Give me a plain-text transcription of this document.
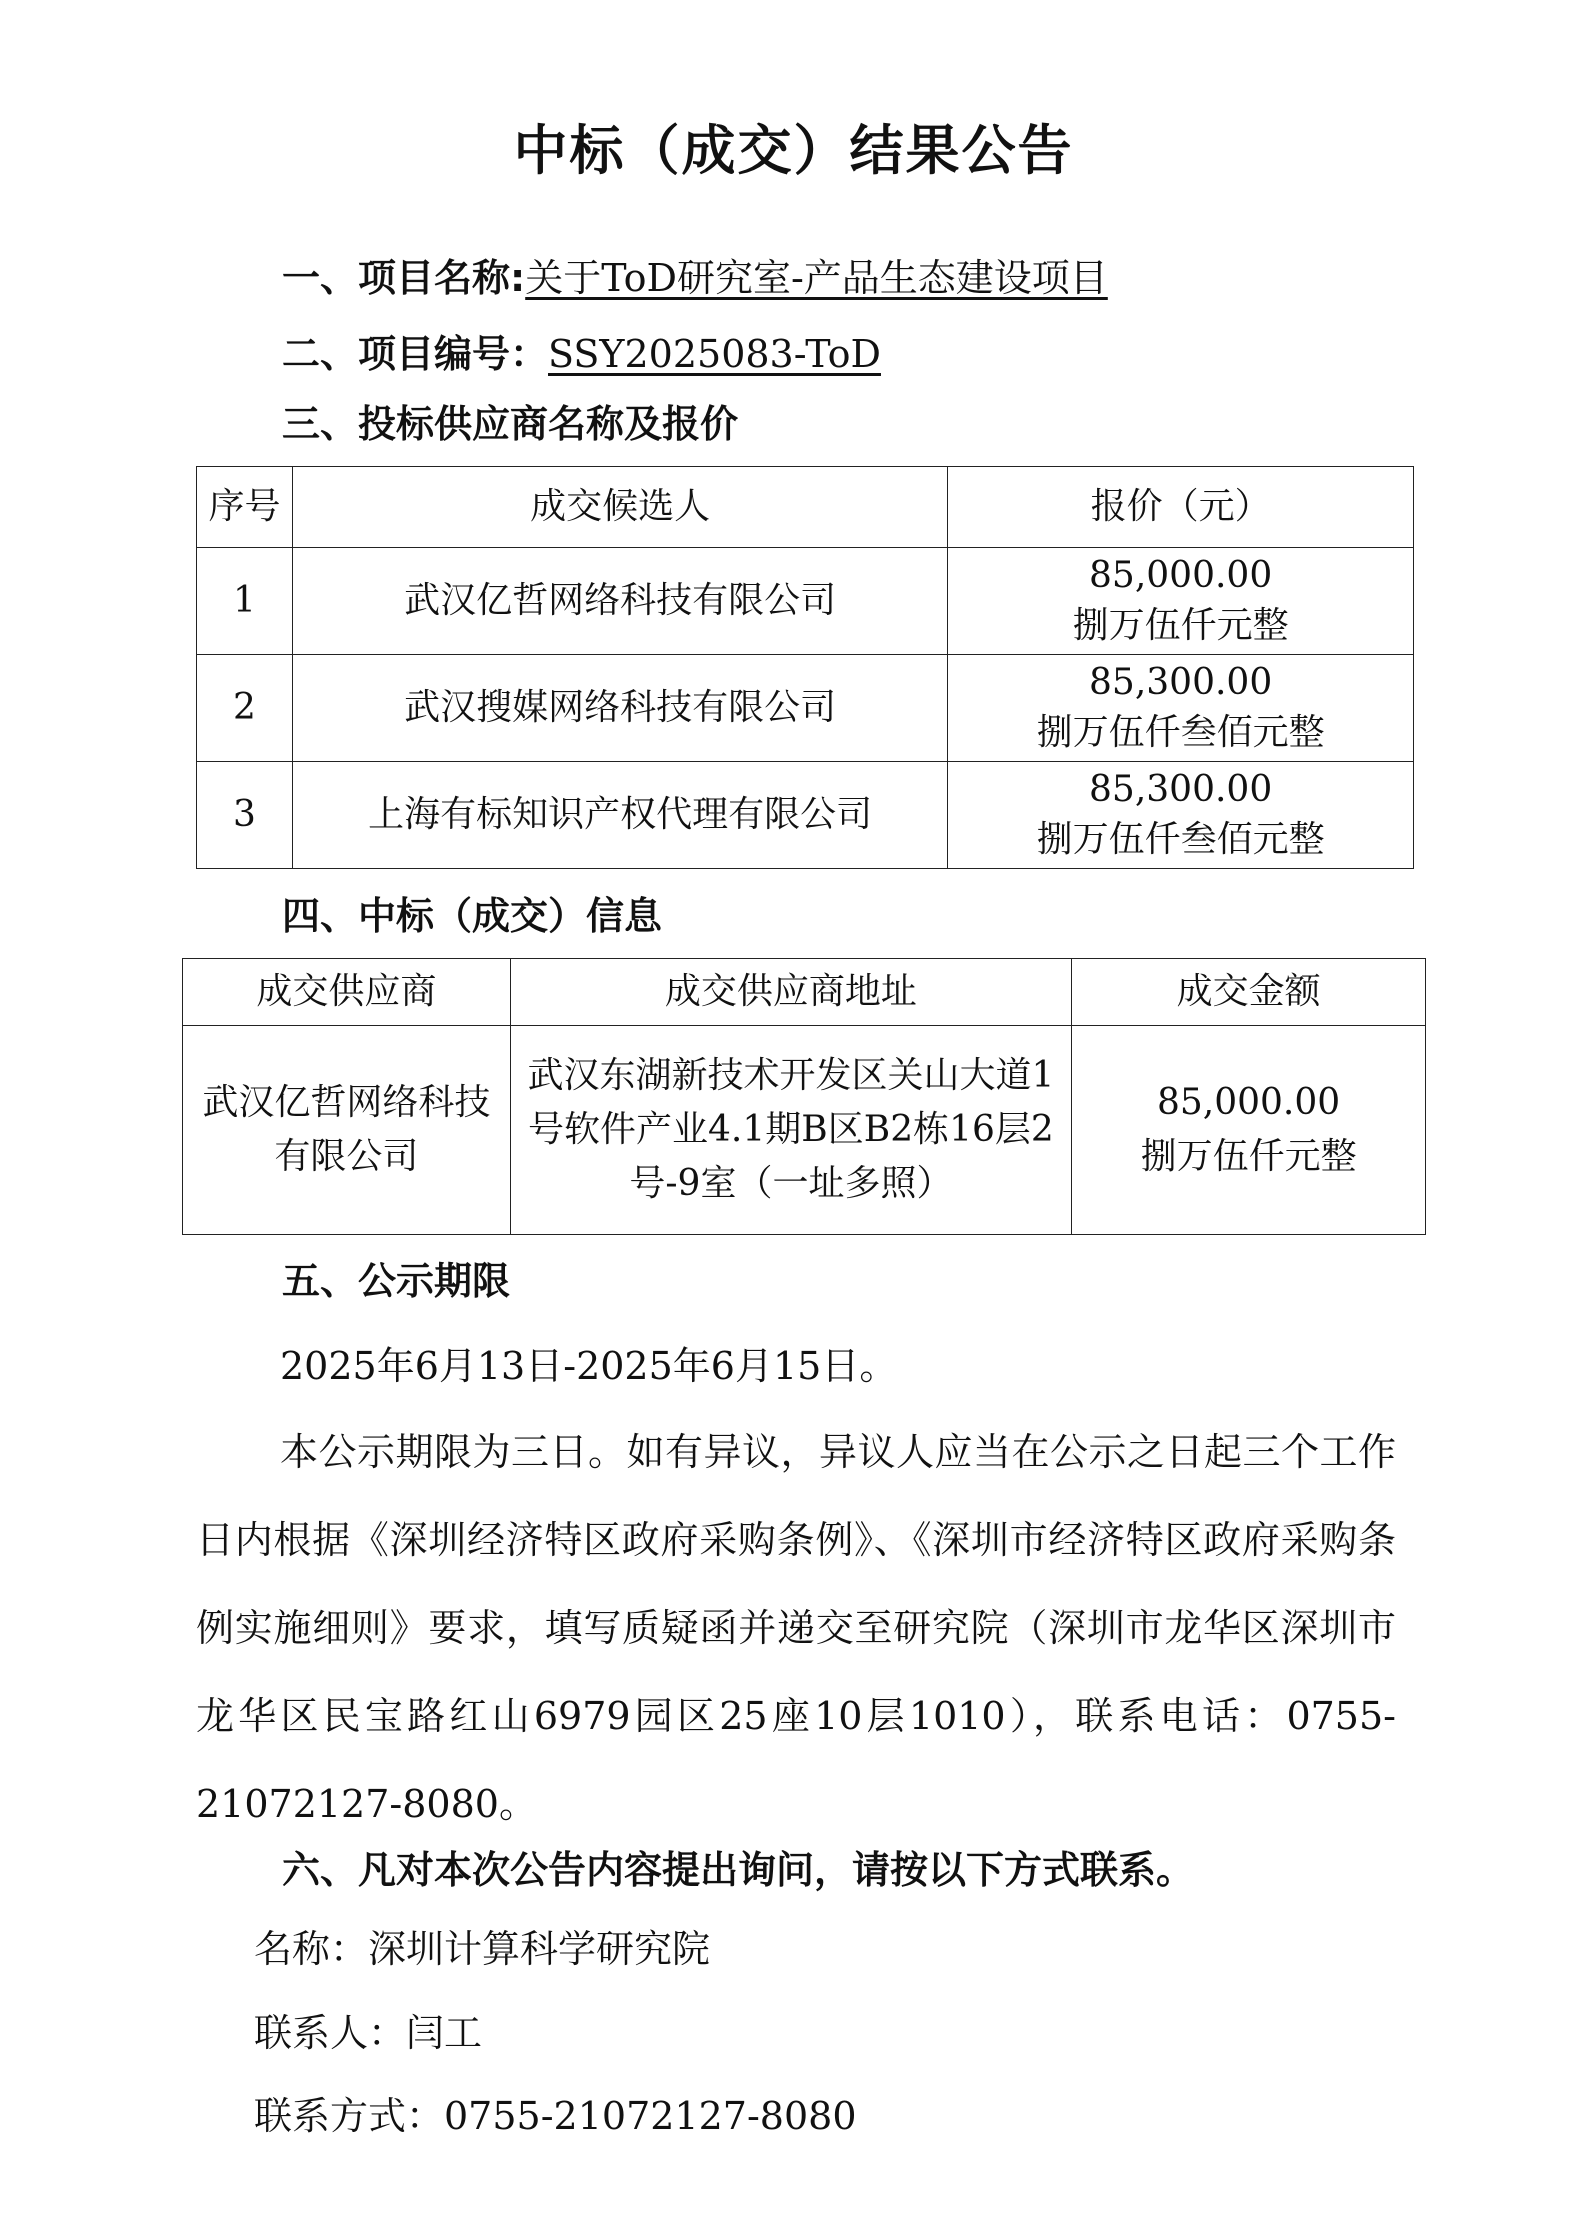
中标（成交）结果公告

一、项目名称:关于ToD研究室-产品生态建设项目

二、项目编号：SSY2025083-ToD

三、投标供应商名称及报价

序号	成交候选人	报价（元）
1	武汉亿哲网络科技有限公司	85,000.00
捌万伍仟元整

2	武汉搜媒网络科技有限公司	85,300.00
捌万伍仟叁佰元整

3	上海有标知识产权代理有限公司	85,300.00
捌万伍仟叁佰元整

四、中标（成交）信息

成交供应商	成交供应商地址	成交金额
武汉亿哲网络科技有限公司	武汉东湖新技术开发区关山大道1号软件产业4.1期B区B2栋16层2号-9室（一址多照）	85,000.00
捌万伍仟元整

五、公示期限

2025年6月13日-2025年6月15日。

本公示期限为三日。如有异议，异议人应当在公示之日起三个工作日内根据《深圳经济特区政府采购条例》、《深圳市经济特区政府采购条例实施细则》要求，填写质疑函并递交至研究院（深圳市龙华区深圳市龙华区民宝路红山6979园区25座10层1010），联系电话：0755-21072127-8080。

六、凡对本次公告内容提出询问，请按以下方式联系。

名称：深圳计算科学研究院

联系人：闫工

联系方式：0755-21072127-8080
